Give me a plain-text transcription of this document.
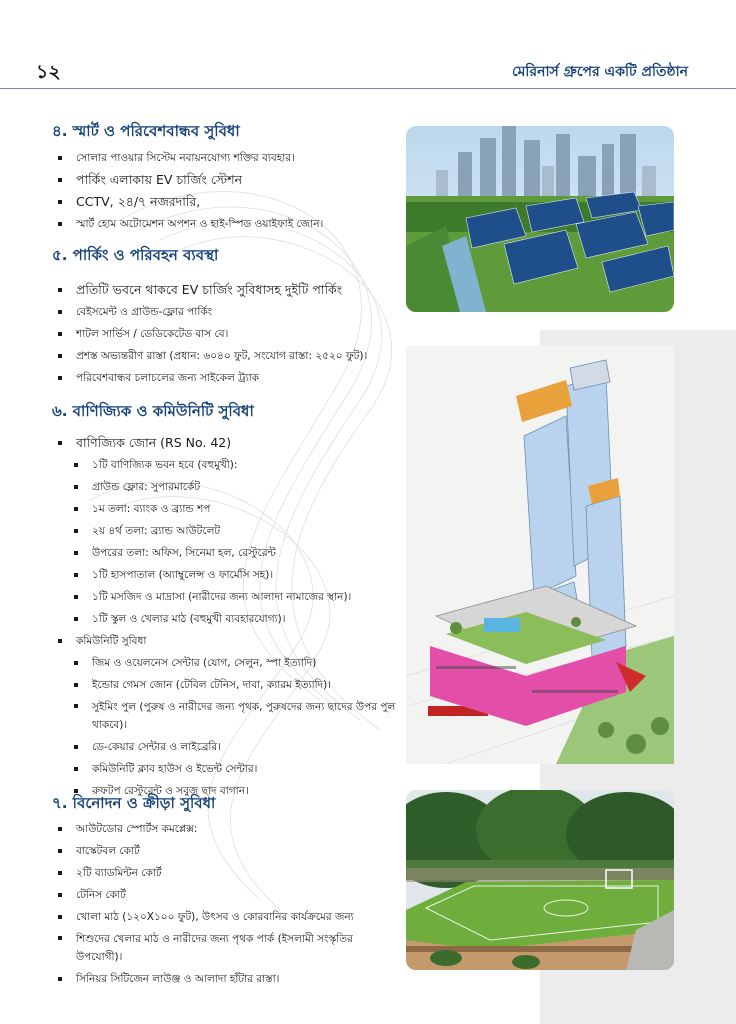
১২	মেরিনার্স গ্রুপের একটি প্রতিষ্ঠান
৪. স্মার্ট ও পরিবেশবান্ধব সুবিধা
সোলার পাওয়ার সিস্টেম নবায়নযোগ্য শক্তির ব্যবহার।
পার্কিং এলাকায় EV চার্জিং স্টেশন
CCTV, ২৪/৭ নজরদারি,
স্মার্ট হোম অটোমেশন অপশন ও হাই-স্পিড ওয়াইফাই জোন।
৫. পার্কিং ও পরিবহন ব্যবস্থা
প্রতিটি ভবনে থাকবে EV চার্জিং সুবিধাসহ দুইটি পার্কিং
বেইসমেন্ট ও গ্রাউন্ড-ফ্লোর পার্কিং
শাটল সার্ভিস / ডেডিকেটেড বাস বে।
প্রশস্ত অভ্যন্তরীণ রাস্তা (প্রধান: ৬০৪০ ফুট, সংযোগ রাস্তা: ২৫২০ ফুট)।
পরিবেশবান্ধব চলাচলের জন্য সাইকেল ট্র্যাক
৬. বাণিজ্যিক ও কমিউনিটি সুবিধা
বাণিজ্যিক জোন (RS No. 42)
১টি বাণিজ্যিক ভবন হবে (বহুমুখী):
গ্রাউন্ড ফ্লোর: সুপারমার্কেট
১ম তলা: ব্যাংক ও ব্র্যান্ড শপ
২য় ৪র্থ তলা: ব্র্যান্ড আউটলেট
উপরের তলা: অফিস, সিনেমা হল, রেস্টুরেন্ট
১টি হাসপাতাল (অ্যাম্বুলেন্স ও ফার্মেসি সহ)।
১টি মসজিদ ও মাদ্রাসা (নারীদের জন্য আলাদা নামাজের স্থান)।
১টি স্কুল ও খেলার মাঠ (বহুমুখী ব্যবহারযোগ্য)।
কমিউনিটি সুবিধা
জিম ও ওয়েলনেস সেন্টার (যোগ, সেলুন, স্পা ইত্যাদি)
ইন্ডোর গেমস জোন (টেবিল টেনিস, দাবা, ক্যারম ইত্যাদি)।
সুইমিং পুল (পুরুষ ও নারীদের জন্য পৃথক, পুরুষদের জন্য ছাদের উপর পুল থাকবে)।
ডে-কেয়ার সেন্টার ও লাইব্রেরি।
কমিউনিটি ক্লাব হাউস ও ইভেন্ট সেন্টার।
রুফটপ রেস্টুরেন্ট ও সবুজ ছাদ বাগান।
৭. বিনোদন ও ক্রীড়া সুবিধা
আউটডোর স্পোর্টস কমপ্লেক্স:
বাস্কেটবল কোর্ট
২টি ব্যাডমিন্টন কোর্ট
টেনিস কোর্ট
খোলা মাঠ (১২০X১০০ ফুট), উৎসব ও কোরবানির কার্যক্রমের জন্য
শিশুদের খেলার মাঠ ও নারীদের জন্য পৃথক পার্ক (ইসলামী সংস্কৃতির উপযোগী)।
সিনিয়র সিটিজেন লাউঞ্জ ও আলাদা হাঁটার রাস্তা।
